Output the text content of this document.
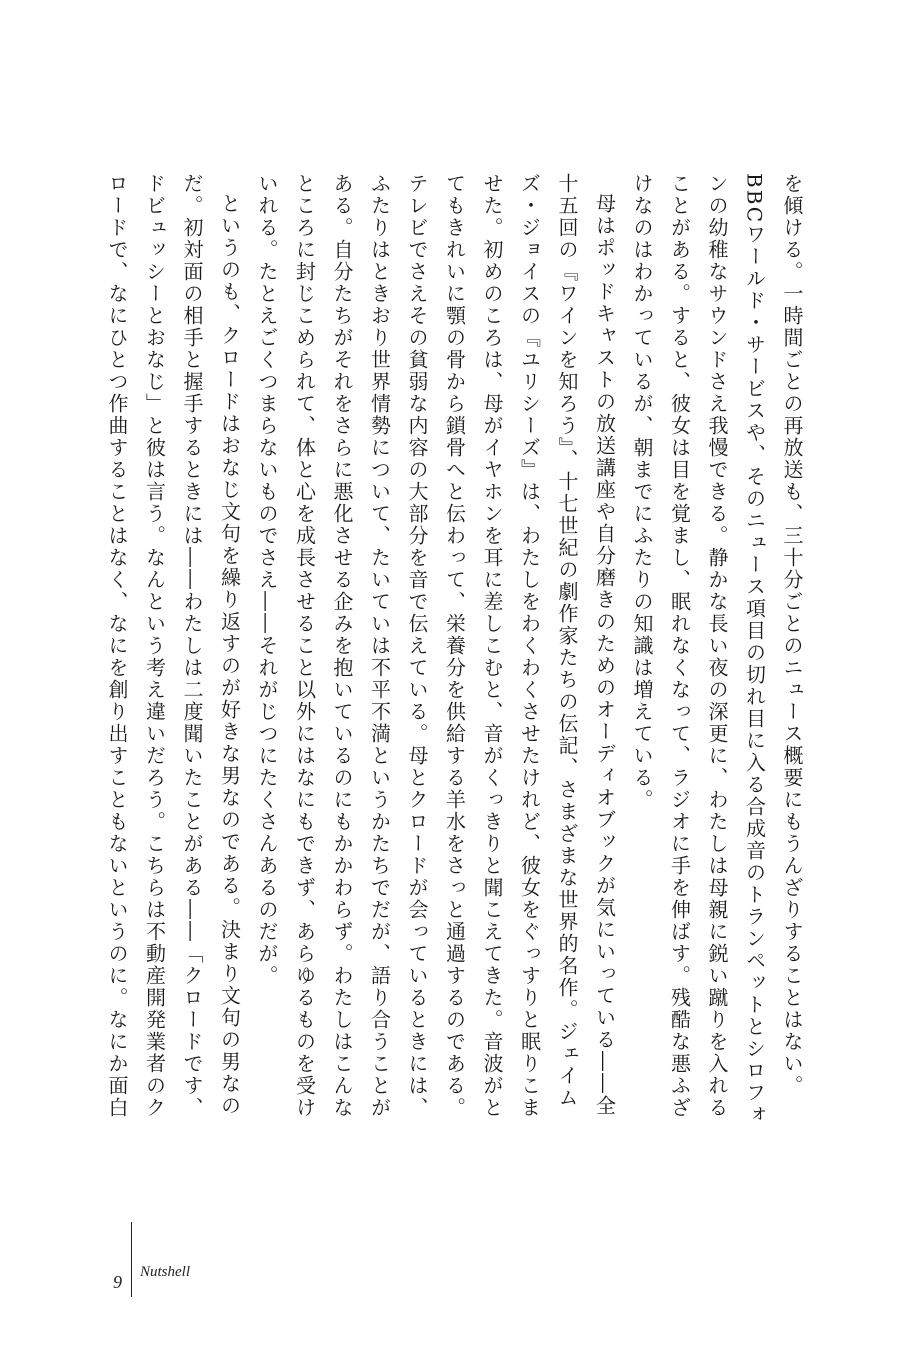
を傾ける。一時間ごとの再放送も、三十分ごとのニュース概要にもうんざりすることはない。BBCワールド・サービスや、そのニュース項目の切れ目に入る合成音のトランペットとシロフォンの幼稚なサウンドさえ我慢できる。静かな長い夜の深更に、わたしは母親に鋭い蹴りを入れることがある。すると、彼女は目を覚まし、眠れなくなって、ラジオに手を伸ばす。残酷な悪ふざけなのはわかっているが、朝までにふたりの知識は増えている。

母はポッドキャストの放送講座や自分磨きのためのオーディオブックが気にいっている――全十五回の『ワインを知ろう』、十七世紀の劇作家たちの伝記、さまざまな世界的名作。ジェイムズ・ジョイスの『ユリシーズ』は、わたしをわくわくさせたけれど、彼女をぐっすりと眠りこませた。初めのころは、母がイヤホンを耳に差しこむと、音がくっきりと聞こえてきた。音波がとてもきれいに顎の骨から鎖骨へと伝わって、栄養分を供給する羊水をさっと通過するのである。テレビでさえその貧弱な内容の大部分を音で伝えている。母とクロードが会っているときには、ふたりはときおり世界情勢について、たいていは不平不満というかたちでだが、語り合うことがある。自分たちがそれをさらに悪化させる企みを抱いているのにもかかわらず。わたしはこんなところに封じこめられて、体と心を成長させること以外にはなにもできず、あらゆるものを受けいれる。たとえごくつまらないものでさえ――それがじつにたくさんあるのだが。

というのも、クロードはおなじ文句を繰り返すのが好きな男なのである。決まり文句の男なのだ。初対面の相手と握手するときには――わたしは二度聞いたことがある――「クロードです、ドビュッシーとおなじ」と彼は言う。なんという考え違いだろう。こちらは不動産開発業者のクロードで、なにひとつ作曲することはなく、なにを創り出すこともないというのに。なにか面白

9 Nutshell
